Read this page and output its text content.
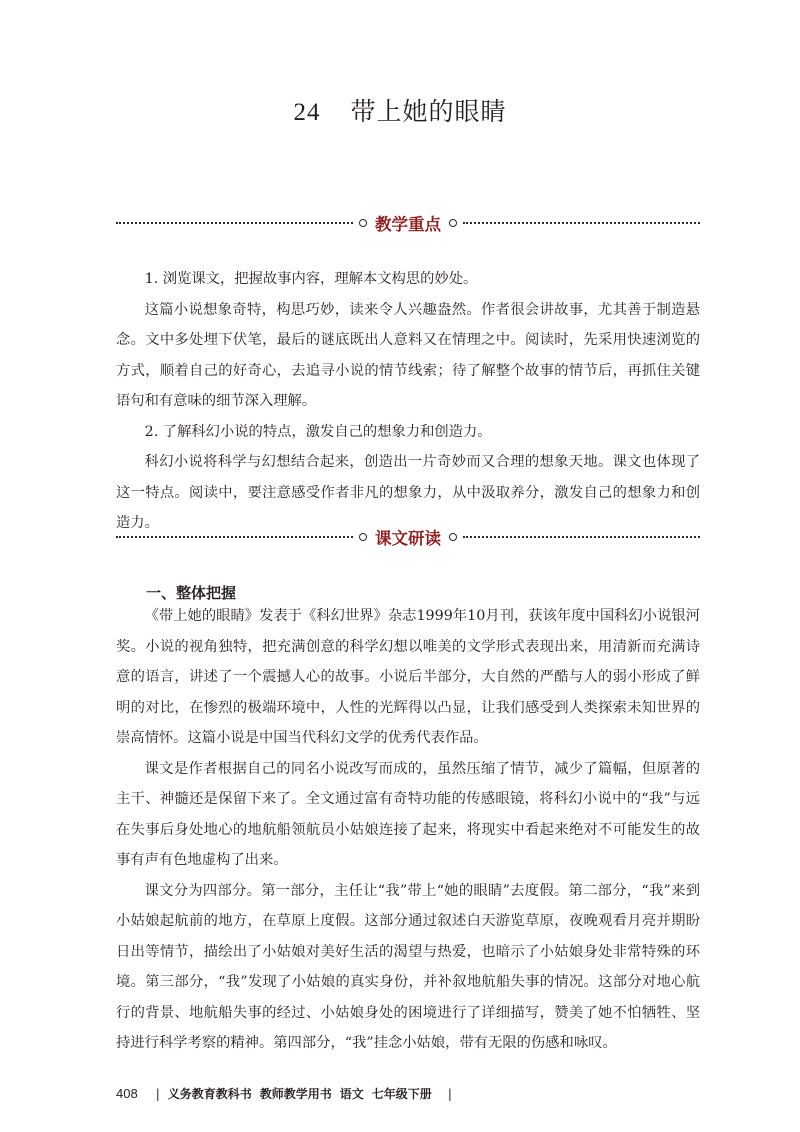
24 带上她的眼睛
教学重点

1. 浏览课文，把握故事内容，理解本文构思的妙处。

这篇小说想象奇特，构思巧妙，读来令人兴趣盎然。作者很会讲故事，尤其善于制造悬念。文中多处埋下伏笔，最后的谜底既出人意料又在情理之中。阅读时，先采用快速浏览的方式，顺着自己的好奇心，去追寻小说的情节线索；待了解整个故事的情节后，再抓住关键语句和有意味的细节深入理解。

2. 了解科幻小说的特点，激发自己的想象力和创造力。

科幻小说将科学与幻想结合起来，创造出一片奇妙而又合理的想象天地。课文也体现了这一特点。阅读中，要注意感受作者非凡的想象力，从中汲取养分，激发自己的想象力和创造力。

课文研读
一、整体把握

《带上她的眼睛》发表于《科幻世界》杂志1999年10月刊，获该年度中国科幻小说银河奖。小说的视角独特，把充满创意的科学幻想以唯美的文学形式表现出来，用清新而充满诗意的语言，讲述了一个震撼人心的故事。小说后半部分，大自然的严酷与人的弱小形成了鲜明的对比，在惨烈的极端环境中，人性的光辉得以凸显，让我们感受到人类探索未知世界的崇高情怀。这篇小说是中国当代科幻文学的优秀代表作品。

课文是作者根据自己的同名小说改写而成的，虽然压缩了情节，减少了篇幅，但原著的主干、神髓还是保留下来了。全文通过富有奇特功能的传感眼镜，将科幻小说中的“我”与远在失事后身处地心的地航船领航员小姑娘连接了起来，将现实中看起来绝对不可能发生的故事有声有色地虚构了出来。

课文分为四部分。第一部分，主任让“我”带上“她的眼睛”去度假。第二部分，“我”来到小姑娘起航前的地方，在草原上度假。这部分通过叙述白天游览草原，夜晚观看月亮并期盼日出等情节，描绘出了小姑娘对美好生活的渴望与热爱，也暗示了小姑娘身处非常特殊的环境。第三部分，“我”发现了小姑娘的真实身份，并补叙地航船失事的情况。这部分对地心航行的背景、地航船失事的经过、小姑娘身处的困境进行了详细描写，赞美了她不怕牺牲、坚持进行科学考察的精神。第四部分，“我”挂念小姑娘，带有无限的伤感和咏叹。

408 | 义务教育教科书 教师教学用书 语文 七年级下册 |
